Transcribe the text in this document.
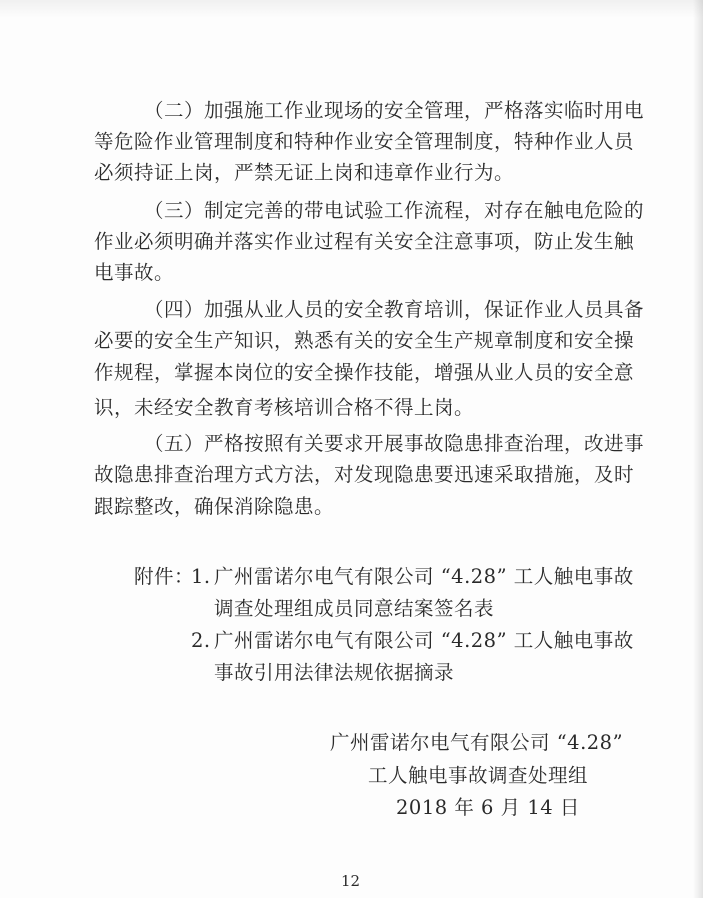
（二）加强施工作业现场的安全管理，严格落实临时用电
等危险作业管理制度和特种作业安全管理制度，特种作业人员
必须持证上岗，严禁无证上岗和违章作业行为。
（三）制定完善的带电试验工作流程，对存在触电危险的
作业必须明确并落实作业过程有关安全注意事项，防止发生触
电事故。
（四）加强从业人员的安全教育培训，保证作业人员具备
必要的安全生产知识，熟悉有关的安全生产规章制度和安全操
作规程，掌握本岗位的安全操作技能，增强从业人员的安全意
识，未经安全教育考核培训合格不得上岗。
（五）严格按照有关要求开展事故隐患排查治理，改进事
故隐患排查治理方式方法，对发现隐患要迅速采取措施，及时
跟踪整改，确保消除隐患。
附件：
1. 广州雷诺尔电气有限公司 “4.28” 工人触电事故
调查处理组成员同意结案签名表
2. 广州雷诺尔电气有限公司 “4.28” 工人触电事故
事故引用法律法规依据摘录
广州雷诺尔电气有限公司 “4.28”
工人触电事故调查处理组
2018 年 6 月 14 日
12
